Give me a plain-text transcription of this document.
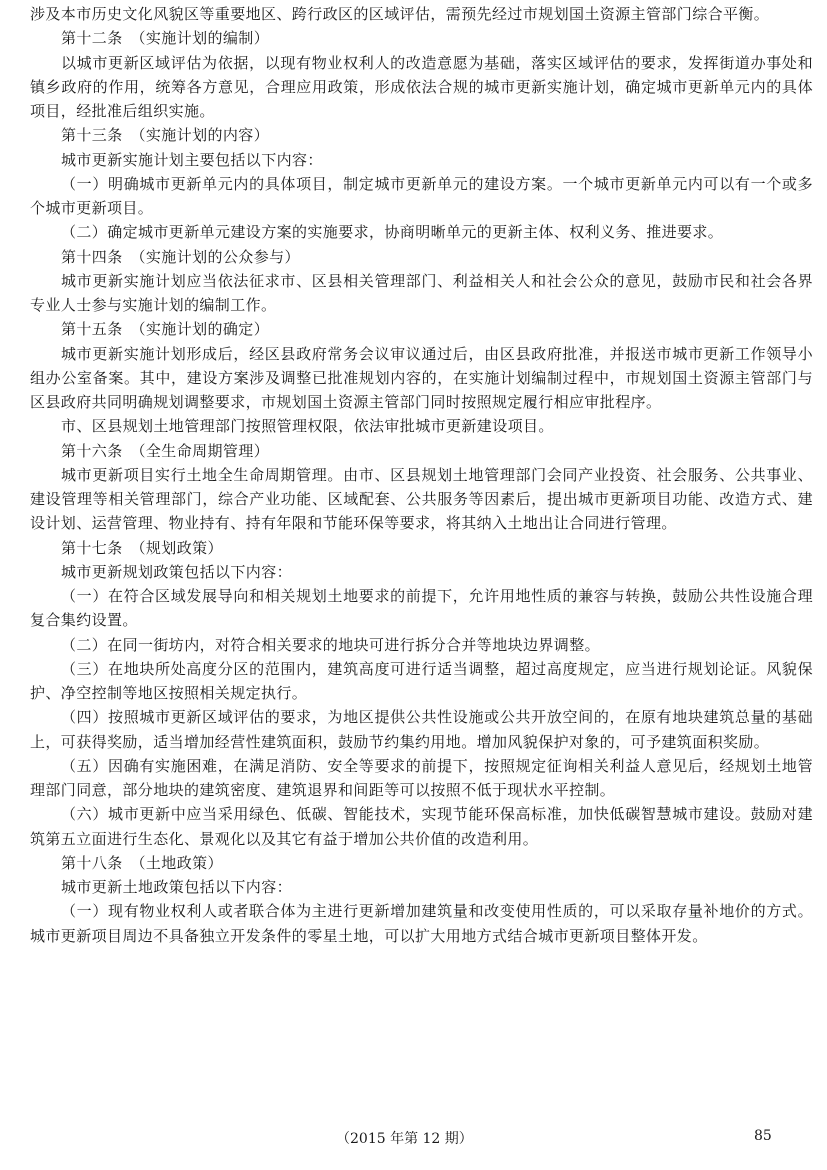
涉及本市历史文化风貌区等重要地区、跨行政区的区域评估，需预先经过市规划国土资源主管部门综合平衡。

第十二条　（实施计划的编制）

以城市更新区域评估为依据，以现有物业权利人的改造意愿为基础，落实区域评估的要求，发挥街道办事处和镇乡政府的作用，统筹各方意见，合理应用政策，形成依法合规的城市更新实施计划，确定城市更新单元内的具体项目，经批准后组织实施。

第十三条　（实施计划的内容）

城市更新实施计划主要包括以下内容：

（一）明确城市更新单元内的具体项目，制定城市更新单元的建设方案。一个城市更新单元内可以有一个或多个城市更新项目。

（二）确定城市更新单元建设方案的实施要求，协商明晰单元的更新主体、权利义务、推进要求。

第十四条　（实施计划的公众参与）

城市更新实施计划应当依法征求市、区县相关管理部门、利益相关人和社会公众的意见，鼓励市民和社会各界专业人士参与实施计划的编制工作。

第十五条　（实施计划的确定）

城市更新实施计划形成后，经区县政府常务会议审议通过后，由区县政府批准，并报送市城市更新工作领导小组办公室备案。其中，建设方案涉及调整已批准规划内容的，在实施计划编制过程中，市规划国土资源主管部门与区县政府共同明确规划调整要求，市规划国土资源主管部门同时按照规定履行相应审批程序。

市、区县规划土地管理部门按照管理权限，依法审批城市更新建设项目。

第十六条　（全生命周期管理）

城市更新项目实行土地全生命周期管理。由市、区县规划土地管理部门会同产业投资、社会服务、公共事业、建设管理等相关管理部门，综合产业功能、区域配套、公共服务等因素后，提出城市更新项目功能、改造方式、建设计划、运营管理、物业持有、持有年限和节能环保等要求，将其纳入土地出让合同进行管理。

第十七条　（规划政策）

城市更新规划政策包括以下内容：

（一）在符合区域发展导向和相关规划土地要求的前提下，允许用地性质的兼容与转换，鼓励公共性设施合理复合集约设置。

（二）在同一街坊内，对符合相关要求的地块可进行拆分合并等地块边界调整。

（三）在地块所处高度分区的范围内，建筑高度可进行适当调整，超过高度规定，应当进行规划论证。风貌保护、净空控制等地区按照相关规定执行。

（四）按照城市更新区域评估的要求，为地区提供公共性设施或公共开放空间的，在原有地块建筑总量的基础上，可获得奖励，适当增加经营性建筑面积，鼓励节约集约用地。增加风貌保护对象的，可予建筑面积奖励。

（五）因确有实施困难，在满足消防、安全等要求的前提下，按照规定征询相关利益人意见后，经规划土地管理部门同意，部分地块的建筑密度、建筑退界和间距等可以按照不低于现状水平控制。

（六）城市更新中应当采用绿色、低碳、智能技术，实现节能环保高标准，加快低碳智慧城市建设。鼓励对建筑第五立面进行生态化、景观化以及其它有益于增加公共价值的改造利用。

第十八条　（土地政策）

城市更新土地政策包括以下内容：

（一）现有物业权利人或者联合体为主进行更新增加建筑量和改变使用性质的，可以采取存量补地价的方式。城市更新项目周边不具备独立开发条件的零星土地，可以扩大用地方式结合城市更新项目整体开发。

（2015 年第 12 期）	85
